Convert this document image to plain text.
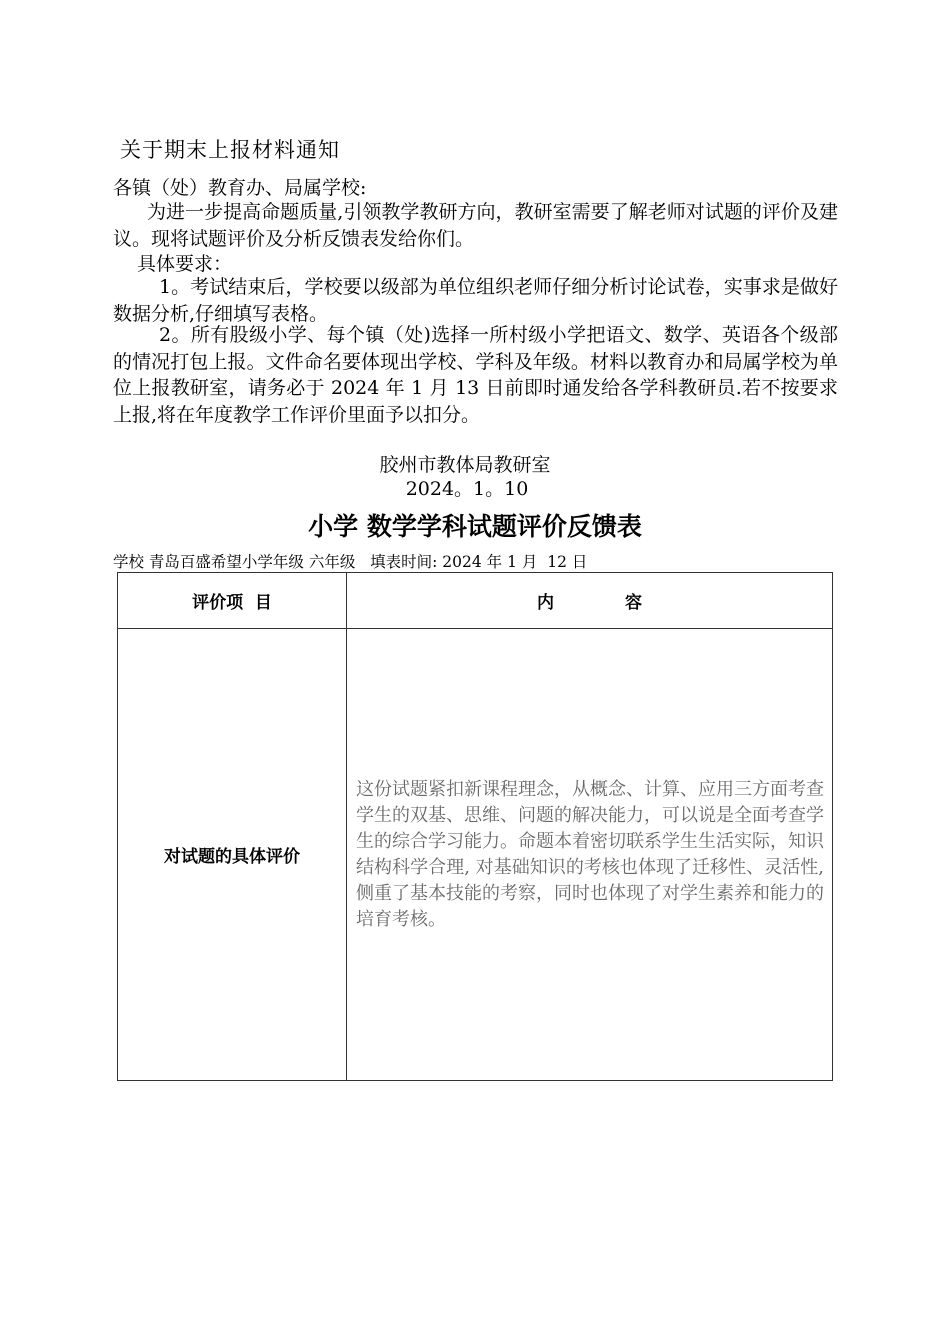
关于期末上报材料通知
各镇（处）教育办、局属学校:
为进一步提高命题质量,引领教学教研方向，教研室需要了解老师对试题的评价及建议。现将试题评价及分析反馈表发给你们。
具体要求：
1。考试结束后，学校要以级部为单位组织老师仔细分析讨论试卷，实事求是做好数据分析,仔细填写表格。
2。所有股级小学、每个镇（处)选择一所村级小学把语文、数学、英语各个级部的情况打包上报。文件命名要体现出学校、学科及年级。材料以教育办和局属学校为单位上报教研室，请务必于 2024 年 1 月 13 日前即时通发给各学科教研员.若不按要求上报,将在年度教学工作评价里面予以扣分。
胶州市教体局教研室
2024。1。10
小学 数学学科试题评价反馈表
学校 青岛百盛希望小学年级 六年级   填表时间: 2024 年 1 月  12 日
评价项  目	内            容
对试题的具体评价	这份试题紧扣新课程理念，从概念、计算、应用三方面考查学生的双基、思维、问题的解决能力，可以说是全面考查学生的综合学习能力。命题本着密切联系学生生活实际，知识结构科学合理, 对基础知识的考核也体现了迁移性、灵活性,侧重了基本技能的考察，同时也体现了对学生素养和能力的培育考核。
